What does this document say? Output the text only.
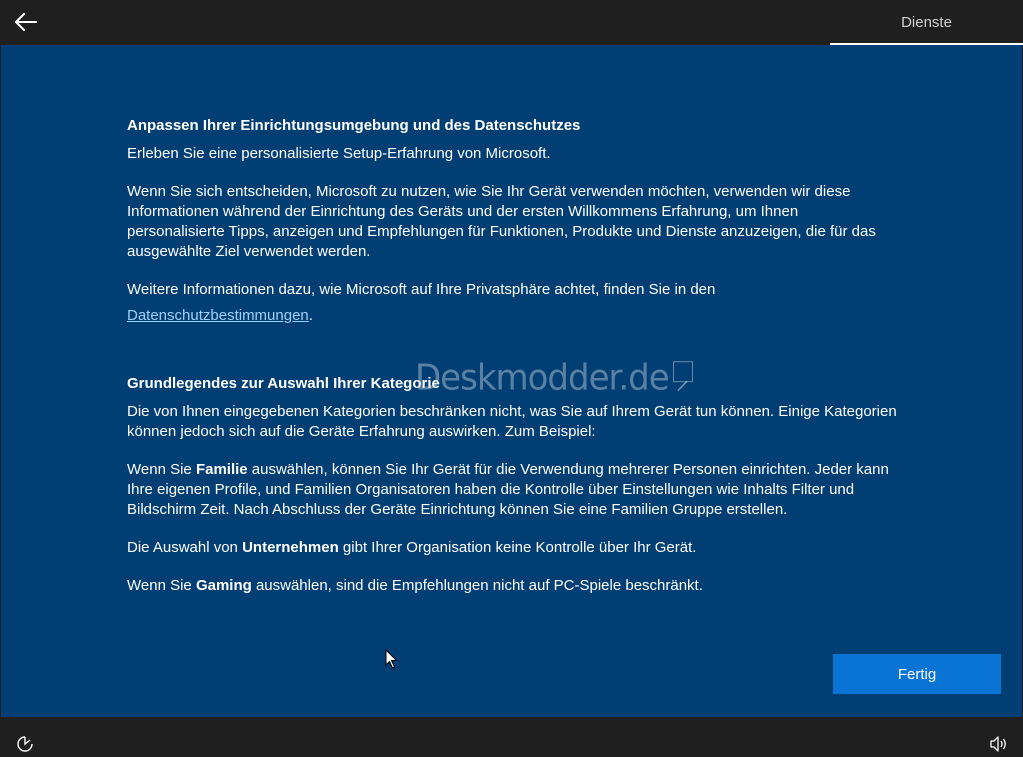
Dienste
Anpassen Ihrer Einrichtungsumgebung und des Datenschutzes

Erleben Sie eine personalisierte Setup-Erfahrung von Microsoft.

Wenn Sie sich entscheiden, Microsoft zu nutzen, wie Sie Ihr Gerät verwenden möchten, verwenden wir diese Informationen während der Einrichtung des Geräts und der ersten Willkommens Erfahrung, um Ihnen personalisierte Tipps, anzeigen und Empfehlungen für Funktionen, Produkte und Dienste anzuzeigen, die für das ausgewählte Ziel verwendet werden.

Weitere Informationen dazu, wie Microsoft auf Ihre Privatsphäre achtet, finden Sie in den
Datenschutzbestimmungen.

Grundlegendes zur Auswahl Ihrer Kategorie

Die von Ihnen eingegebenen Kategorien beschränken nicht, was Sie auf Ihrem Gerät tun können. Einige Kategorien können jedoch sich auf die Geräte Erfahrung auswirken. Zum Beispiel:

Wenn Sie Familie auswählen, können Sie Ihr Gerät für die Verwendung mehrerer Personen einrichten. Jeder kann Ihre eigenen Profile, und Familien Organisatoren haben die Kontrolle über Einstellungen wie Inhalts Filter und Bildschirm Zeit. Nach Abschluss der Geräte Einrichtung können Sie eine Familien Gruppe erstellen.

Die Auswahl von Unternehmen gibt Ihrer Organisation keine Kontrolle über Ihr Gerät.

Wenn Sie Gaming auswählen, sind die Empfehlungen nicht auf PC-Spiele beschränkt.

Deskmodder.de
Fertig
